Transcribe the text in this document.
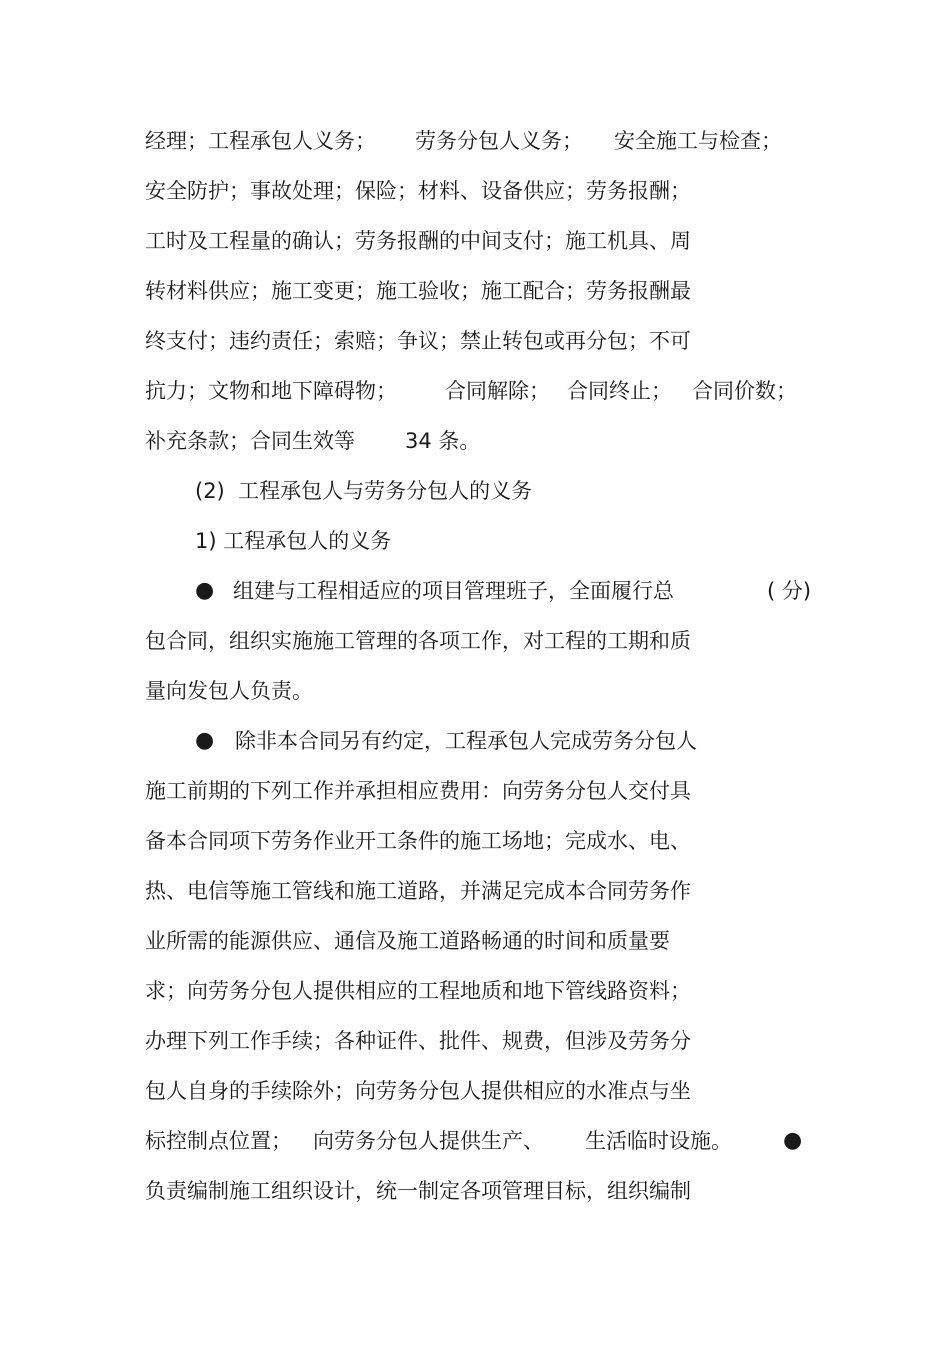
经理；工程承包人义务；

劳务分包人义务；

安全施工与检查；

安全防护；事故处理；保险；材料、设备供应；劳务报酬；

工时及工程量的确认；劳务报酬的中间支付；施工机具、周

转材料供应；施工变更；施工验收；施工配合；劳务报酬最

终支付；违约责任；索赔；争议；禁止转包或再分包；不可

抗力；文物和地下障碍物；

合同解除；

合同终止；

合同价数；

补充条款；合同生效等

34 条。

(2)  工程承包人与劳务分包人的义务

1) 工程承包人的义务

●

组建与工程相适应的项目管理班子，全面履行总

	( 分)

包合同，组织实施施工管理的各项工作，对工程的工期和质

量向发包人负责。

●

除非本合同另有约定，工程承包人完成劳务分包人

施工前期的下列工作并承担相应费用：向劳务分包人交付具

备本合同项下劳务作业开工条件的施工场地；完成水、电、

热、电信等施工管线和施工道路，并满足完成本合同劳务作

业所需的能源供应、通信及施工道路畅通的时间和质量要

求；向劳务分包人提供相应的工程地质和地下管线路资料；

办理下列工作手续；各种证件、批件、规费，但涉及劳务分

包人自身的手续除外；向劳务分包人提供相应的水准点与坐

标控制点位置；

向劳务分包人提供生产、

生活临时设施。

●

负责编制施工组织设计，统一制定各项管理目标，组织编制
